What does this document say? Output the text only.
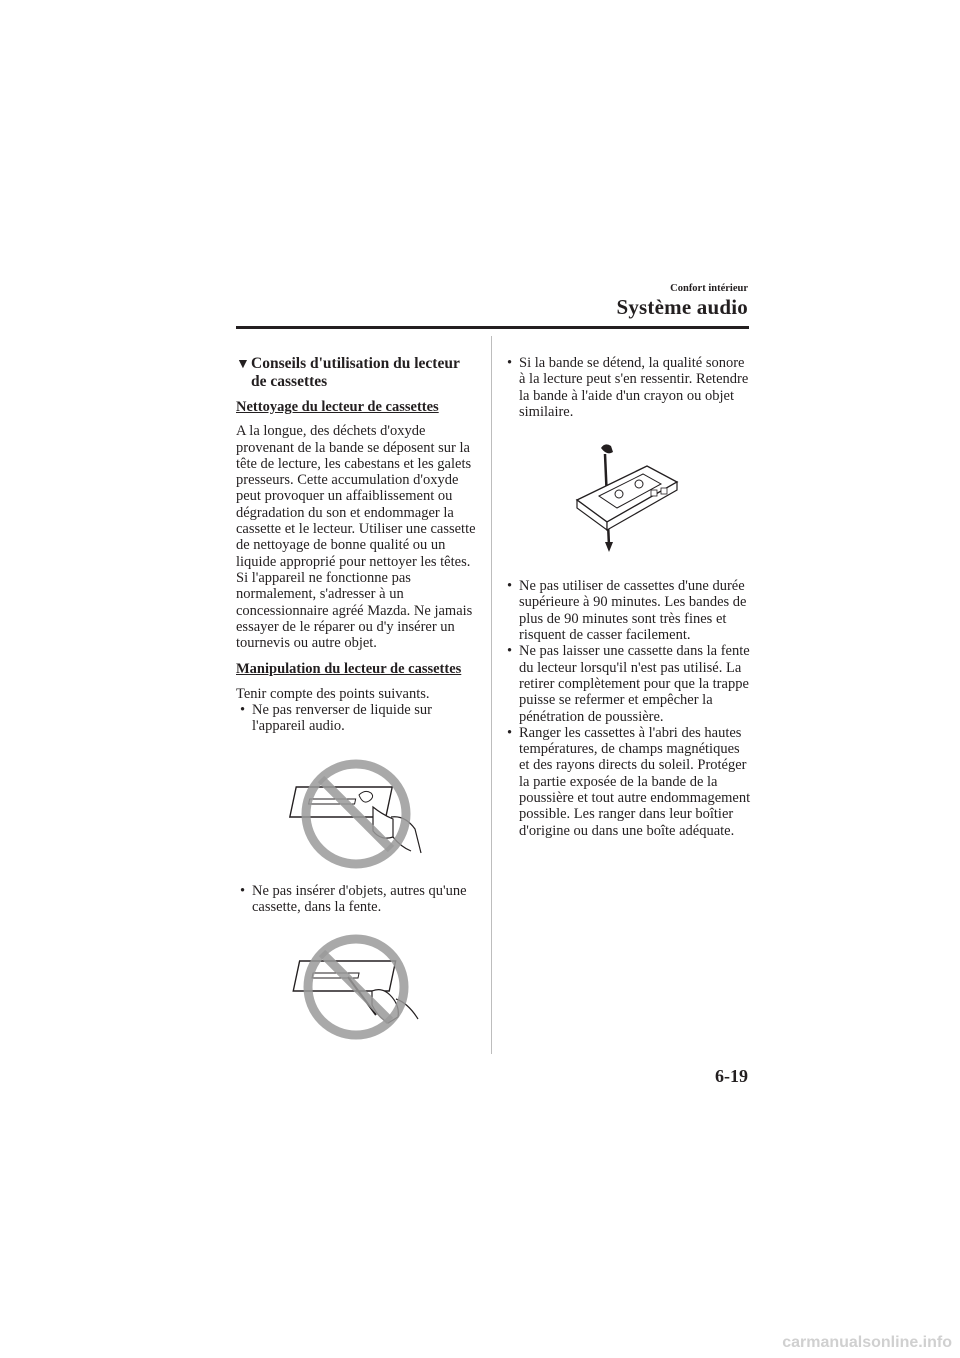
Confort intérieur
Système audio
▼ Conseils d'utilisation du lecteur de cassettes
Nettoyage du lecteur de cassettes

A la longue, des déchets d'oxyde provenant de la bande se déposent sur la tête de lecture, les cabestans et les galets presseurs. Cette accumulation d'oxyde peut provoquer un affaiblissement ou dégradation du son et endommager la cassette et le lecteur. Utiliser une cassette de nettoyage de bonne qualité ou un liquide approprié pour nettoyer les têtes. Si l'appareil ne fonctionne pas normalement, s'adresser à un concessionnaire agréé Mazda. Ne jamais essayer de le réparer ou d'y insérer un tournevis ou autre objet.

Manipulation du lecteur de cassettes

Tenir compte des points suivants.

• Ne pas renverser de liquide sur l'appareil audio.
• Ne pas insérer d'objets, autres qu'une cassette, dans la fente.
• Si la bande se détend, la qualité sonore à la lecture peut s'en ressentir. Retendre la bande à l'aide d'un crayon ou objet similaire.
• Ne pas utiliser de cassettes d'une durée supérieure à 90 minutes. Les bandes de plus de 90 minutes sont très fines et risquent de casser facilement.
• Ne pas laisser une cassette dans la fente du lecteur lorsqu'il n'est pas utilisé. La retirer complètement pour que la trappe puisse se refermer et empêcher la pénétration de poussière.
• Ranger les cassettes à l'abri des hautes températures, de champs magnétiques et des rayons directs du soleil. Protéger la partie exposée de la bande de la poussière et tout autre endommagement possible. Les ranger dans leur boîtier d'origine ou dans une boîte adéquate.
6-19
carmanualsonline.info
